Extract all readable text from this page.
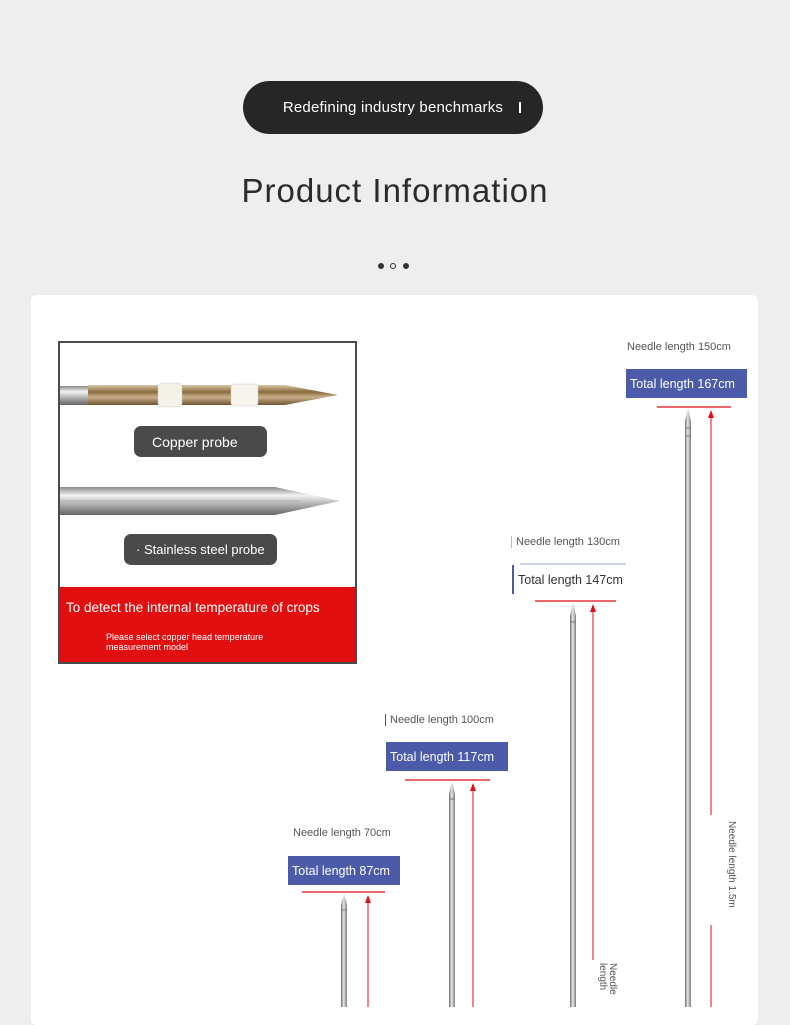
Redefining industry benchmarks
Product Information
Needle length 70cm
Total length 87cm
Needle length 100cm
Total length 117cm
Needle length 130cm
Total length 147cm
Needle length 150cm
Total length 167cm
Needle length 1.5m
Needle
length
Copper probe
· Stainless steel probe
To detect the internal temperature of crops
Please select copper head temperature measurement model
